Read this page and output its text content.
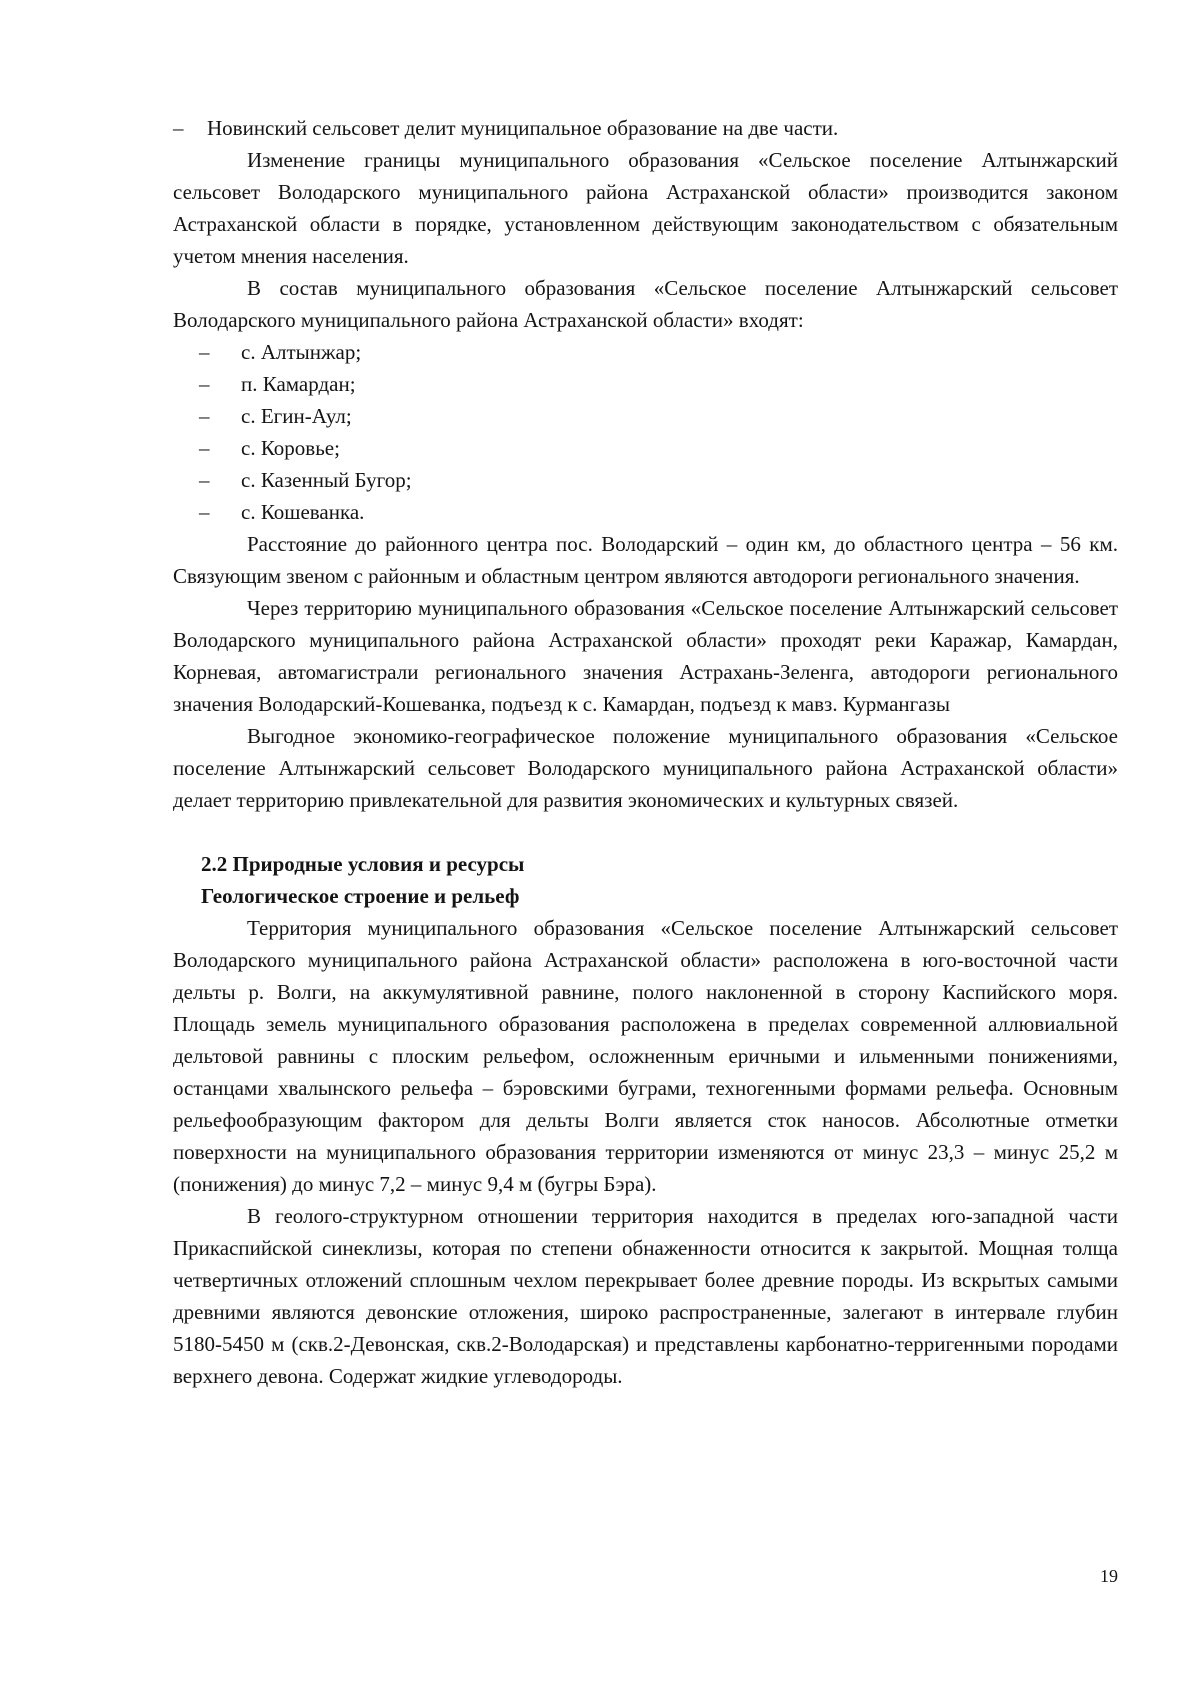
–	Новинский сельсовет делит муниципальное образование на две части.

Изменение границы муниципального образования «Сельское поселение Алтынжарский сельсовет Володарского муниципального района Астраханской области» производится законом Астраханской области в порядке, установленном действующим законодательством с обязательным учетом мнения населения.

В состав муниципального образования «Сельское поселение Алтынжарский сельсовет Володарского муниципального района Астраханской области» входят:

–	с. Алтынжар;
–	п. Камардан;
–	с. Егин-Аул;
–	с. Коровье;
–	с. Казенный Бугор;
–	с. Кошеванка.

Расстояние до районного центра пос. Володарский – один км, до областного центра – 56 км. Связующим звеном с районным и областным центром являются автодороги регионального значения.

Через территорию муниципального образования «Сельское поселение Алтынжарский сельсовет Володарского муниципального района Астраханской области» проходят реки Каражар, Камардан, Корневая, автомагистрали регионального значения Астрахань-Зеленга, автодороги регионального значения Володарский-Кошеванка, подъезд к с. Камардан, подъезд к мавз. Курмангазы

Выгодное экономико-географическое положение муниципального образования «Сельское поселение Алтынжарский сельсовет Володарского муниципального района Астраханской области» делает территорию привлекательной для развития экономических и культурных связей.

2.2 Природные условия и ресурсы

Геологическое строение и рельеф

Территория муниципального образования «Сельское поселение Алтынжарский сельсовет Володарского муниципального района Астраханской области» расположена в юго-восточной части дельты р. Волги, на аккумулятивной равнине, полого наклоненной в сторону Каспийского моря. Площадь земель муниципального образования расположена в пределах современной аллювиальной дельтовой равнины с плоским рельефом, осложненным еричными и ильменными понижениями, останцами хвалынского рельефа – бэровскими буграми, техногенными формами рельефа. Основным рельефообразующим фактором для дельты Волги является сток наносов. Абсолютные отметки поверхности на муниципального образования территории изменяются от минус 23,3 – минус 25,2 м (понижения) до минус 7,2 – минус 9,4 м (бугры Бэра).

В геолого-структурном отношении территория находится в пределах юго-западной части Прикаспийской синеклизы, которая по степени обнаженности относится к закрытой. Мощная толща четвертичных отложений сплошным чехлом перекрывает более древние породы. Из вскрытых самыми древними являются девонские отложения, широко распространенные, залегают в интервале глубин 5180-5450 м (скв.2-Девонская, скв.2-Володарская) и представлены карбонатно-терригенными породами верхнего девона. Содержат жидкие углеводороды.

19
